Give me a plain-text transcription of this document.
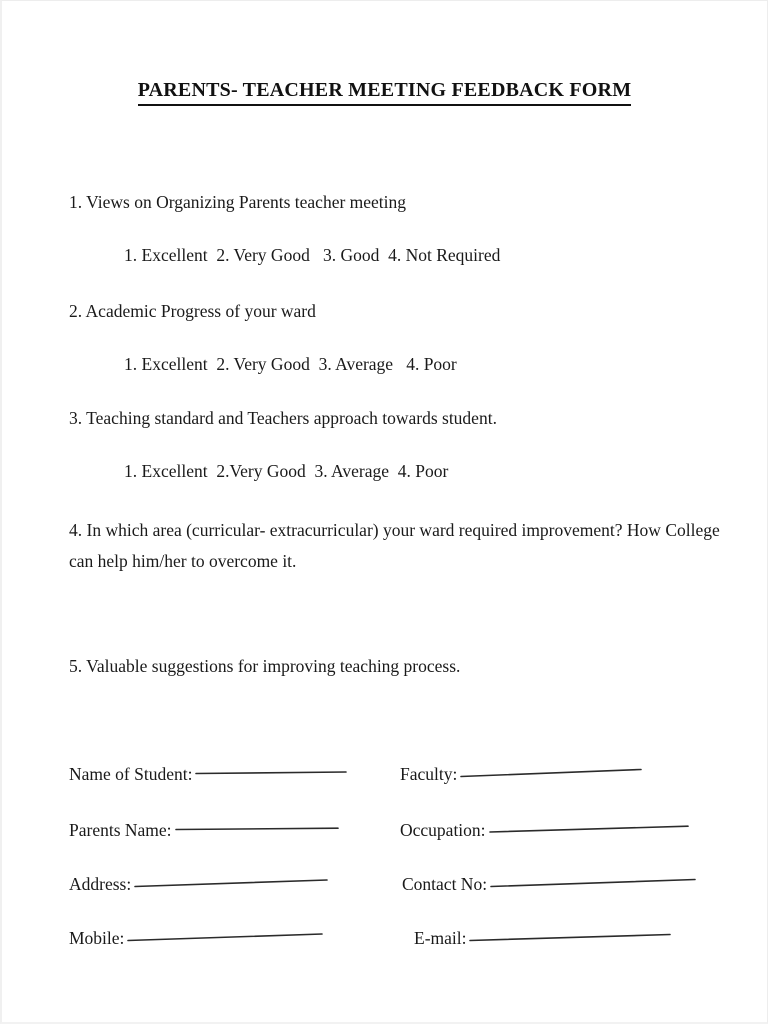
PARENTS- TEACHER MEETING FEEDBACK FORM
1. Views on Organizing Parents teacher meeting
1. Excellent  2. Very Good   3. Good  4. Not Required
2. Academic Progress of your ward
1. Excellent  2. Very Good  3. Average   4. Poor
3. Teaching standard and Teachers approach towards student.
1. Excellent  2.Very Good  3. Average  4. Poor
4. In which area (curricular- extracurricular) your ward required improvement? How College can help him/her to overcome it.
5. Valuable suggestions for improving teaching process.
Name of Student:	Faculty:
Parents Name:	Occupation:
Address:	Contact No:
Mobile:	E-mail:
